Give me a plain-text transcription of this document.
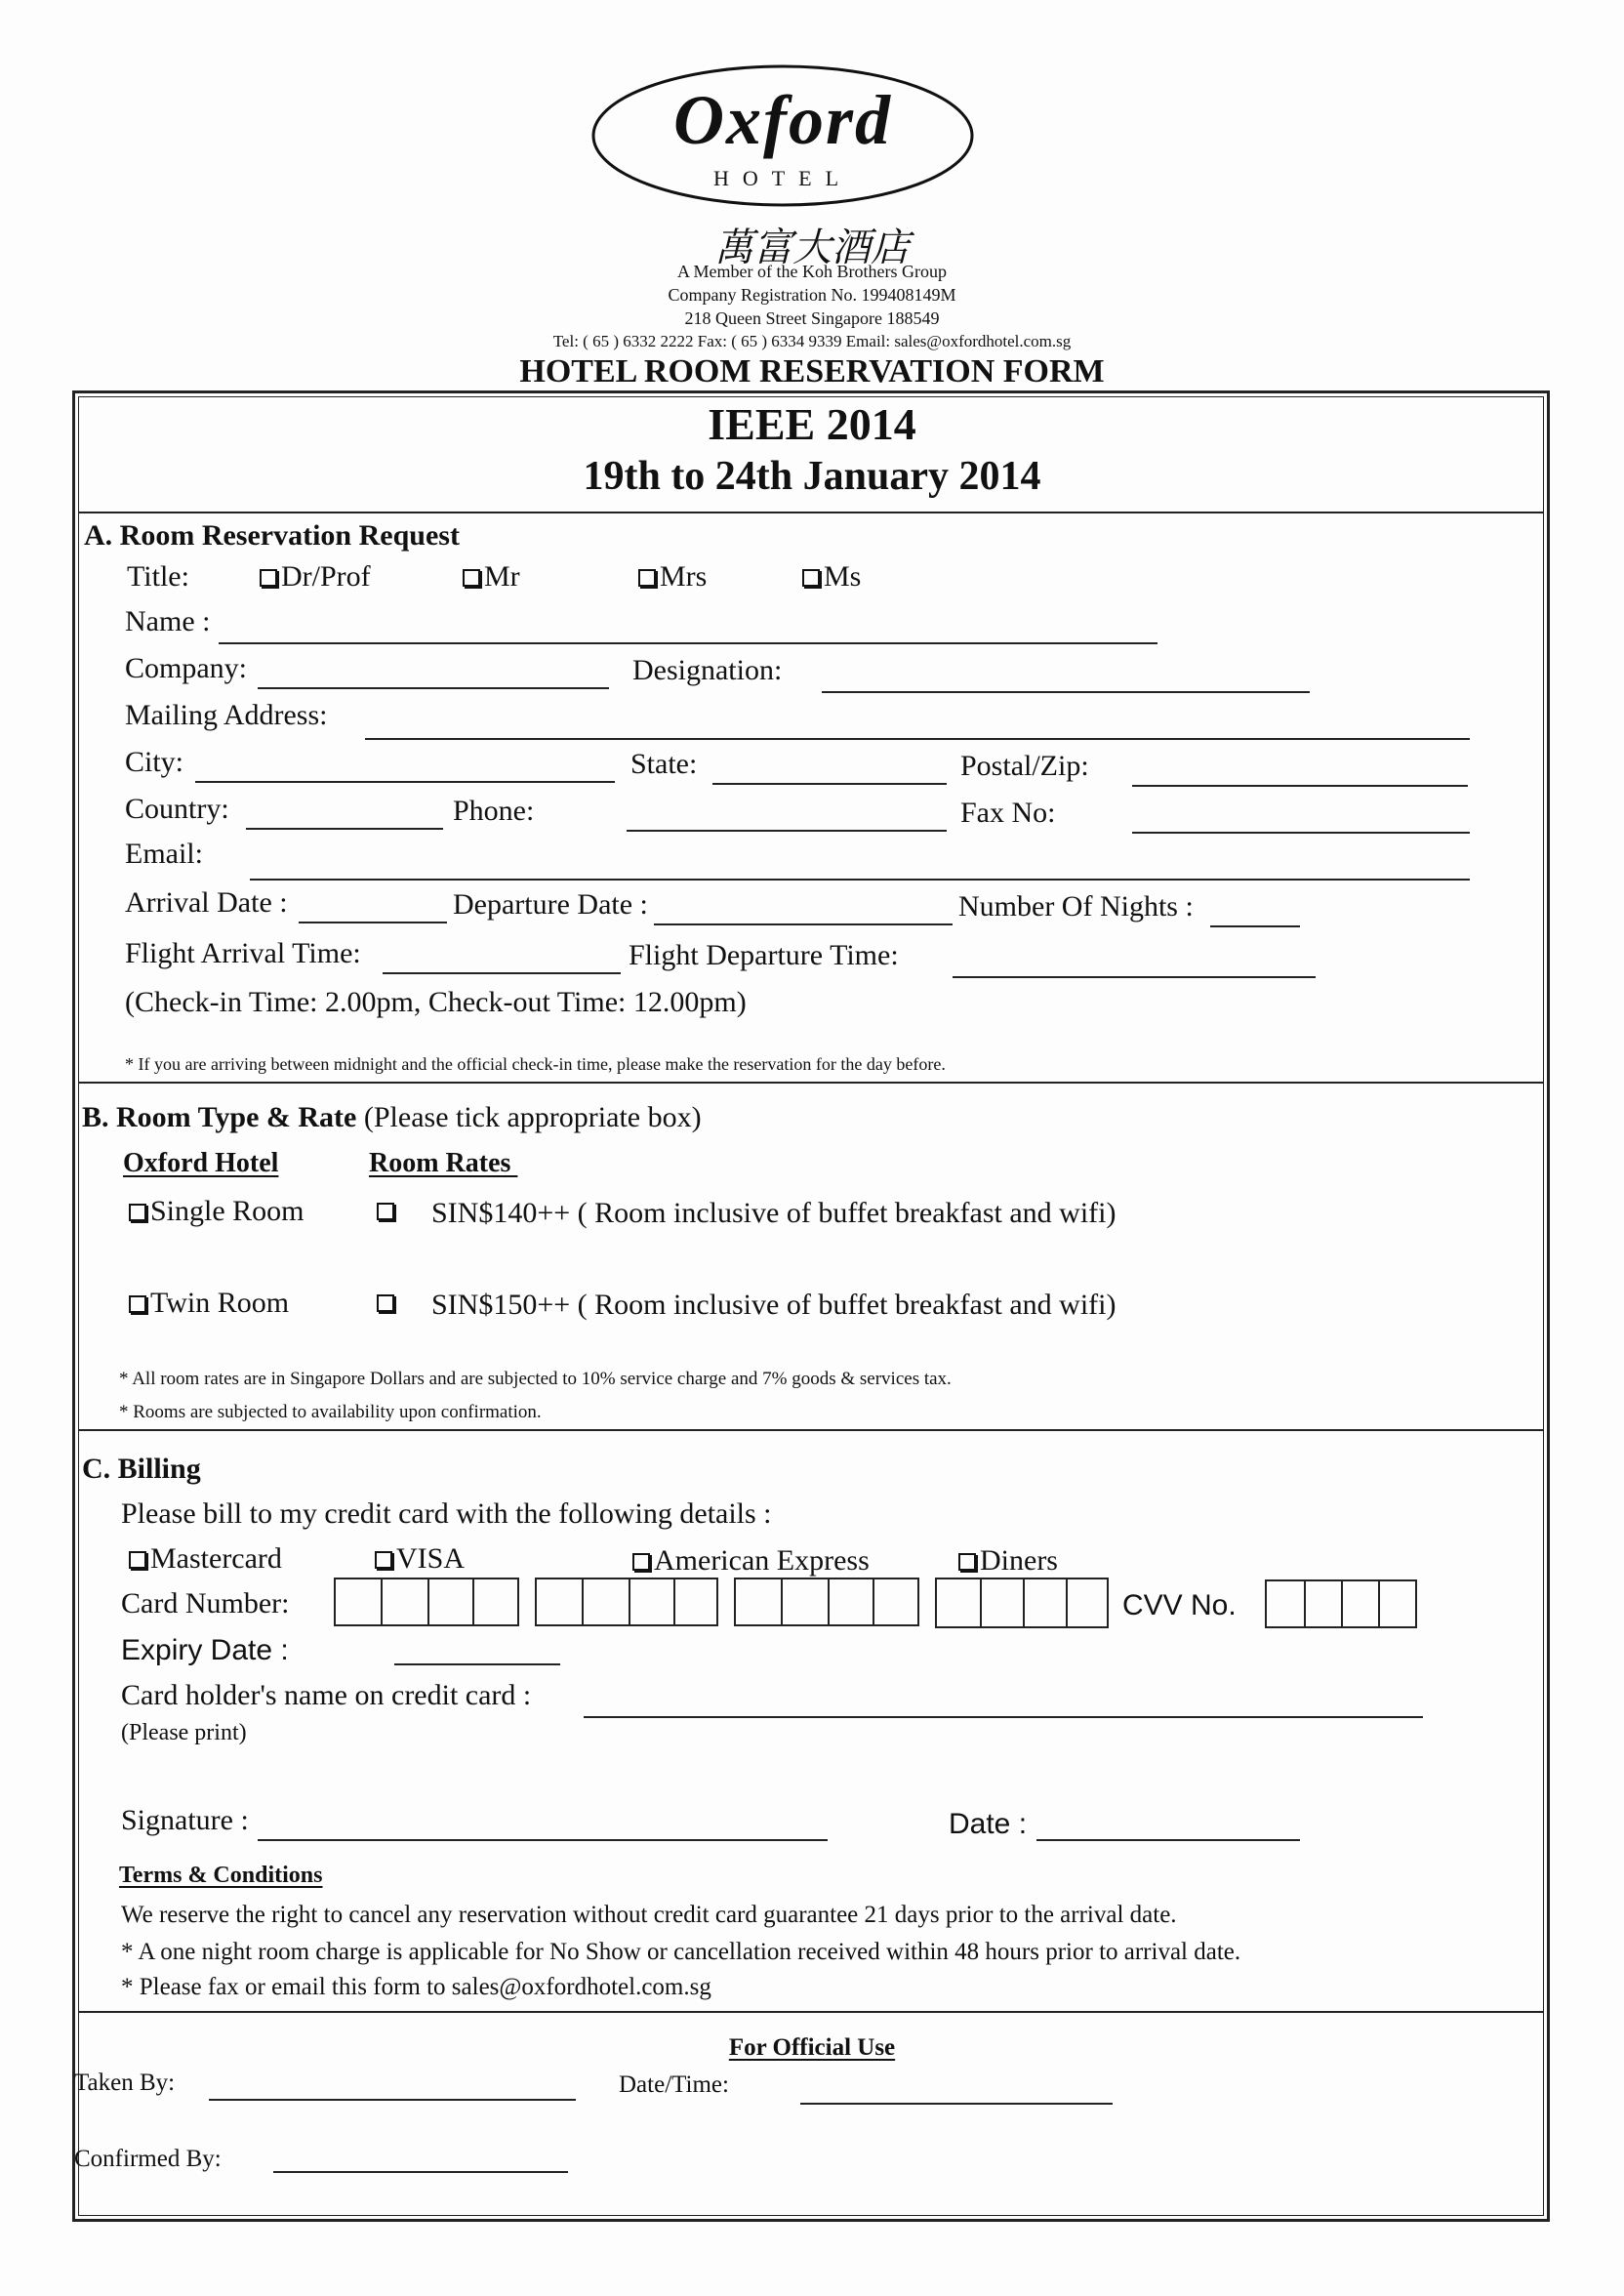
Oxford
HOTEL
萬富大酒店
A Member of the Koh Brothers Group
Company Registration No. 199408149M
218 Queen Street Singapore 188549
Tel: ( 65 ) 6332 2222 Fax: ( 65 ) 6334 9339 Email: sales@oxfordhotel.com.sg
HOTEL ROOM RESERVATION FORM
IEEE 2014
19th to 24th January 2014
A. Room Reservation Request
Title:	Dr/Prof	Mr	Mrs	Ms
Name :
Company:	Designation:
Mailing Address:
City:	State:	Postal/Zip:
Country:	Phone:	Fax No:
Email:
Arrival Date :	Departure Date :	Number Of Nights :
Flight Arrival Time:	Flight Departure Time:
(Check-in Time: 2.00pm, Check-out Time: 12.00pm)
* If you are arriving between midnight and the official check-in time, please make the reservation for the day before.
B. Room Type & Rate (Please tick appropriate box)
Oxford Hotel	Room Rates
Single Room	SIN$140++ ( Room inclusive of buffet breakfast and wifi)
Twin Room	SIN$150++ ( Room inclusive of buffet breakfast and wifi)
* All room rates are in Singapore Dollars and are subjected to 10% service charge and 7% goods & services tax.
* Rooms are subjected to availability upon confirmation.
C. Billing
Please bill to my credit card with the following details :
Mastercard	VISA	American Express	Diners
Card Number:	CVV No.
Expiry Date :
Card holder's name on credit card :
(Please print)
Signature :	Date :
Terms & Conditions
We reserve the right to cancel any reservation without credit card guarantee 21 days prior to the arrival date.
* A one night room charge is applicable for No Show or cancellation received within 48 hours prior to arrival date.
* Please fax or email this form to sales@oxfordhotel.com.sg
For Official Use
Taken By:	Date/Time:
Confirmed By:
